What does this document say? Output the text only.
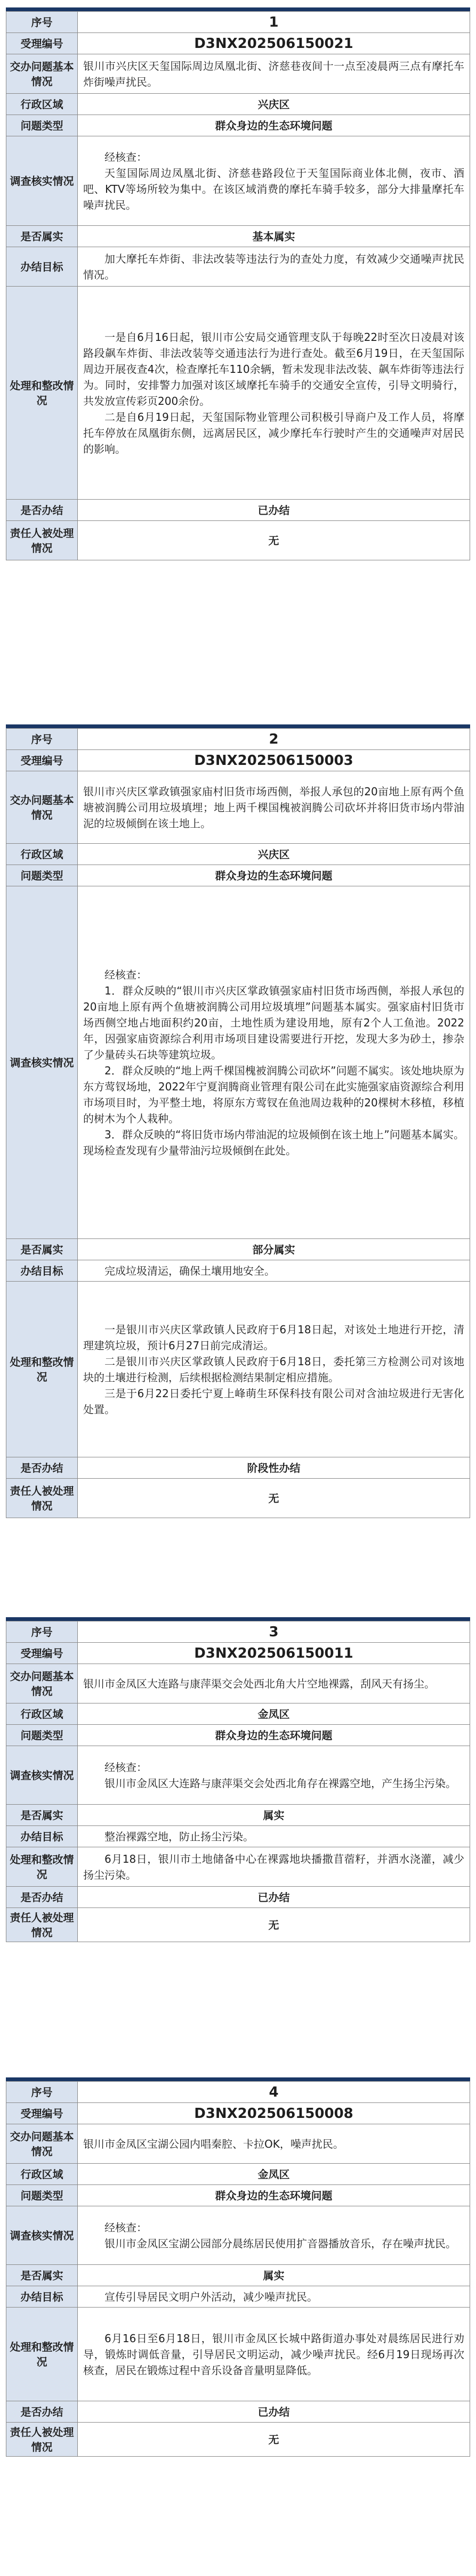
序号	1
受理编号	D3NX202506150021
交办问题基本情况	银川市兴庆区天玺国际周边凤凰北街、济慈巷夜间十一点至凌晨两三点有摩托车炸街噪声扰民。
行政区域	兴庆区
问题类型	群众身边的生态环境问题
调查核实情况	经核查：

天玺国际周边凤凰北街、济慈巷路段位于天玺国际商业体北侧，夜市、酒吧、KTV等场所较为集中。在该区域消费的摩托车骑手较多，部分大排量摩托车噪声扰民。

是否属实	基本属实
办结目标	加大摩托车炸街、非法改装等违法行为的查处力度，有效减少交通噪声扰民情况。
处理和整改情况	一是自6月16日起，银川市公安局交通管理支队于每晚22时至次日凌晨对该路段飙车炸街、非法改装等交通违法行为进行查处。截至6月19日，在天玺国际周边开展夜查4次，检查摩托车110余辆，暂未发现非法改装、飙车炸街等违法行为。同时，安排警力加强对该区域摩托车骑手的交通安全宣传，引导文明骑行，共发放宣传彩页200余份。

二是自6月19日起，天玺国际物业管理公司积极引导商户及工作人员，将摩托车停放在凤凰街东侧，远离居民区，减少摩托车行驶时产生的交通噪声对居民的影响。

是否办结	已办结
责任人被处理情况	无
序号	2
受理编号	D3NX202506150003
交办问题基本情况	银川市兴庆区掌政镇强家庙村旧货市场西侧，举报人承包的20亩地上原有两个鱼塘被润腾公司用垃圾填埋；地上两千棵国槐被润腾公司砍坏并将旧货市场内带油泥的垃圾倾倒在该土地上。
行政区域	兴庆区
问题类型	群众身边的生态环境问题
调查核实情况	经核查：

1．群众反映的“银川市兴庆区掌政镇强家庙村旧货市场西侧，举报人承包的20亩地上原有两个鱼塘被润腾公司用垃圾填埋”问题基本属实。强家庙村旧货市场西侧空地占地面积约20亩，土地性质为建设用地，原有2个人工鱼池。2022年，因强家庙资源综合利用市场项目建设需要进行开挖，发现大多为砂土，掺杂了少量砖头石块等建筑垃圾。

2．群众反映的“地上两千棵国槐被润腾公司砍坏”问题不属实。该处地块原为东方莺钗场地，2022年宁夏润腾商业管理有限公司在此实施强家庙资源综合利用市场项目时，为平整土地，将原东方莺钗在鱼池周边栽种的20棵树木移植，移植的树木为个人栽种。

3．群众反映的“将旧货市场内带油泥的垃圾倾倒在该土地上”问题基本属实。现场检查发现有少量带油污垃圾倾倒在此处。

是否属实	部分属实
办结目标	完成垃圾清运，确保土壤用地安全。
处理和整改情况	一是银川市兴庆区掌政镇人民政府于6月18日起，对该处土地进行开挖，清理建筑垃圾，预计6月27日前完成清运。

二是银川市兴庆区掌政镇人民政府于6月18日，委托第三方检测公司对该地块的土壤进行检测，后续根据检测结果制定相应措施。

三是于6月22日委托宁夏上峰萌生环保科技有限公司对含油垃圾进行无害化处置。

是否办结	阶段性办结
责任人被处理情况	无
序号	3
受理编号	D3NX202506150011
交办问题基本情况	银川市金凤区大连路与康萍渠交会处西北角大片空地裸露，刮风天有扬尘。
行政区域	金凤区
问题类型	群众身边的生态环境问题
调查核实情况	经核查：

银川市金凤区大连路与康萍渠交会处西北角存在裸露空地，产生扬尘污染。

是否属实	属实
办结目标	整治裸露空地，防止扬尘污染。
处理和整改情况	6月18日，银川市土地储备中心在裸露地块播撒苜蓿籽，并洒水浇灌，减少扬尘污染。

是否办结	已办结
责任人被处理情况	无
序号	4
受理编号	D3NX202506150008
交办问题基本情况	银川市金凤区宝湖公园内唱秦腔、卡拉OK，噪声扰民。
行政区域	金凤区
问题类型	群众身边的生态环境问题
调查核实情况	经核查：

银川市金凤区宝湖公园部分晨练居民使用扩音器播放音乐，存在噪声扰民。

是否属实	属实
办结目标	宣传引导居民文明户外活动，减少噪声扰民。
处理和整改情况	6月16日至6月18日，银川市金凤区长城中路街道办事处对晨练居民进行劝导，锻炼时调低音量，引导居民文明运动，减少噪声扰民。经6月19日现场再次核查，居民在锻炼过程中音乐设备音量明显降低。

是否办结	已办结
责任人被处理情况	无
